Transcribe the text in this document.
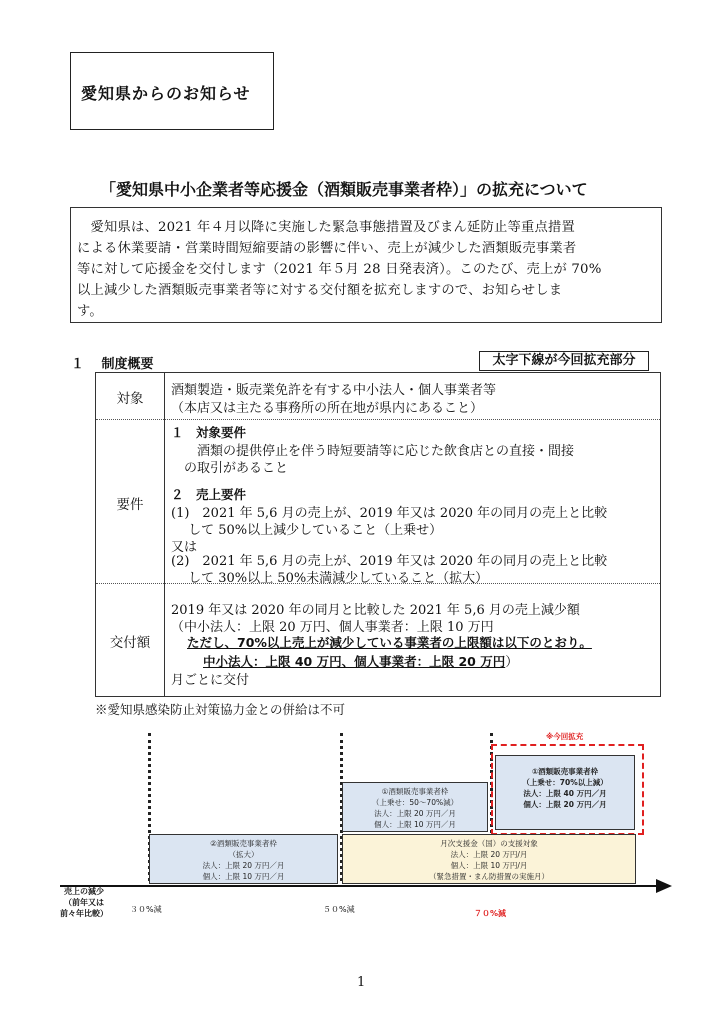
愛知県からのお知らせ
「愛知県中小企業者等応援金（酒類販売事業者枠）」の拡充について
　愛知県は、2021 年４月以降に実施した緊急事態措置及びまん延防止等重点措置
による休業要請・営業時間短縮要請の影響に伴い、売上が減少した酒類販売事業者
等に対して応援金を交付します（2021 年５月 28 日発表済）。このたび、売上が 70%
以上減少した酒類販売事業者等に対する交付額を拡充しますので、お知らせしま
す。
１　 制度概要	太字下線が今回拡充部分
対象
酒類製造・販売業免許を有する中小法人・個人事業者等
（本店又は主たる事務所の所在地が県内にあること）
要件
１　対象要件
　　酒類の提供停止を伴う時短要請等に応じた飲食店との直接・間接
　の取引があること
２　売上要件
(1)　2021 年 5,6 月の売上が、2019 年又は 2020 年の同月の売上と比較
　 して 50%以上減少していること（上乗せ）
又は
(2)　2021 年 5,6 月の売上が、2019 年又は 2020 年の同月の売上と比較
　 して 30%以上 50%未満減少していること（拡大）
交付額
2019 年又は 2020 年の同月と比較した 2021 年 5,6 月の売上減少額
（中小法人：上限 20 万円、個人事業者：上限 10 万円
ただし、70%以上売上が減少している事業者の上限額は以下のとおり。
中小法人：上限 40 万円、個人事業者：上限 20 万円）
月ごとに交付
※愛知県感染防止対策協力金との併給は不可
※今回拡充
①酒類販売事業者枠
（上乗せ：70%以上減）
法人：上限 40 万円／月
個人：上限 20 万円／月
①酒類販売事業者枠
（上乗せ：50～70%減）
法人：上限 20 万円／月
個人：上限 10 万円／月
②酒類販売事業者枠
（拡大）
法人：上限 20 万円／月
個人：上限 10 万円／月
月次支援金（国）の支援対象
法人：上限 20 万円/月
個人：上限 10 万円/月
（緊急措置・まん防措置の実施月）
売上の減少
（前年又は
前々年比較）	３０%減	５０%減	７０%減
1
